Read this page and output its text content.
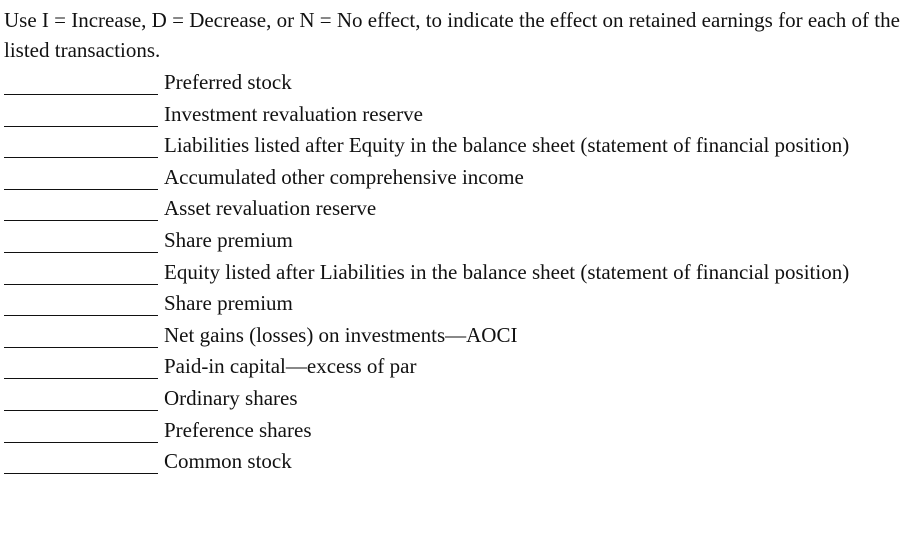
Use I = Increase, D = Decrease, or N = No effect, to indicate the effect on retained earnings for each of the listed transactions.

Preferred stock
Investment revaluation reserve
Liabilities listed after Equity in the balance sheet (statement of financial position)
Accumulated other comprehensive income
Asset revaluation reserve
Share premium
Equity listed after Liabilities in the balance sheet (statement of financial position)
Share premium
Net gains (losses) on investments—AOCI
Paid-in capital—excess of par
Ordinary shares
Preference shares
Common stock
